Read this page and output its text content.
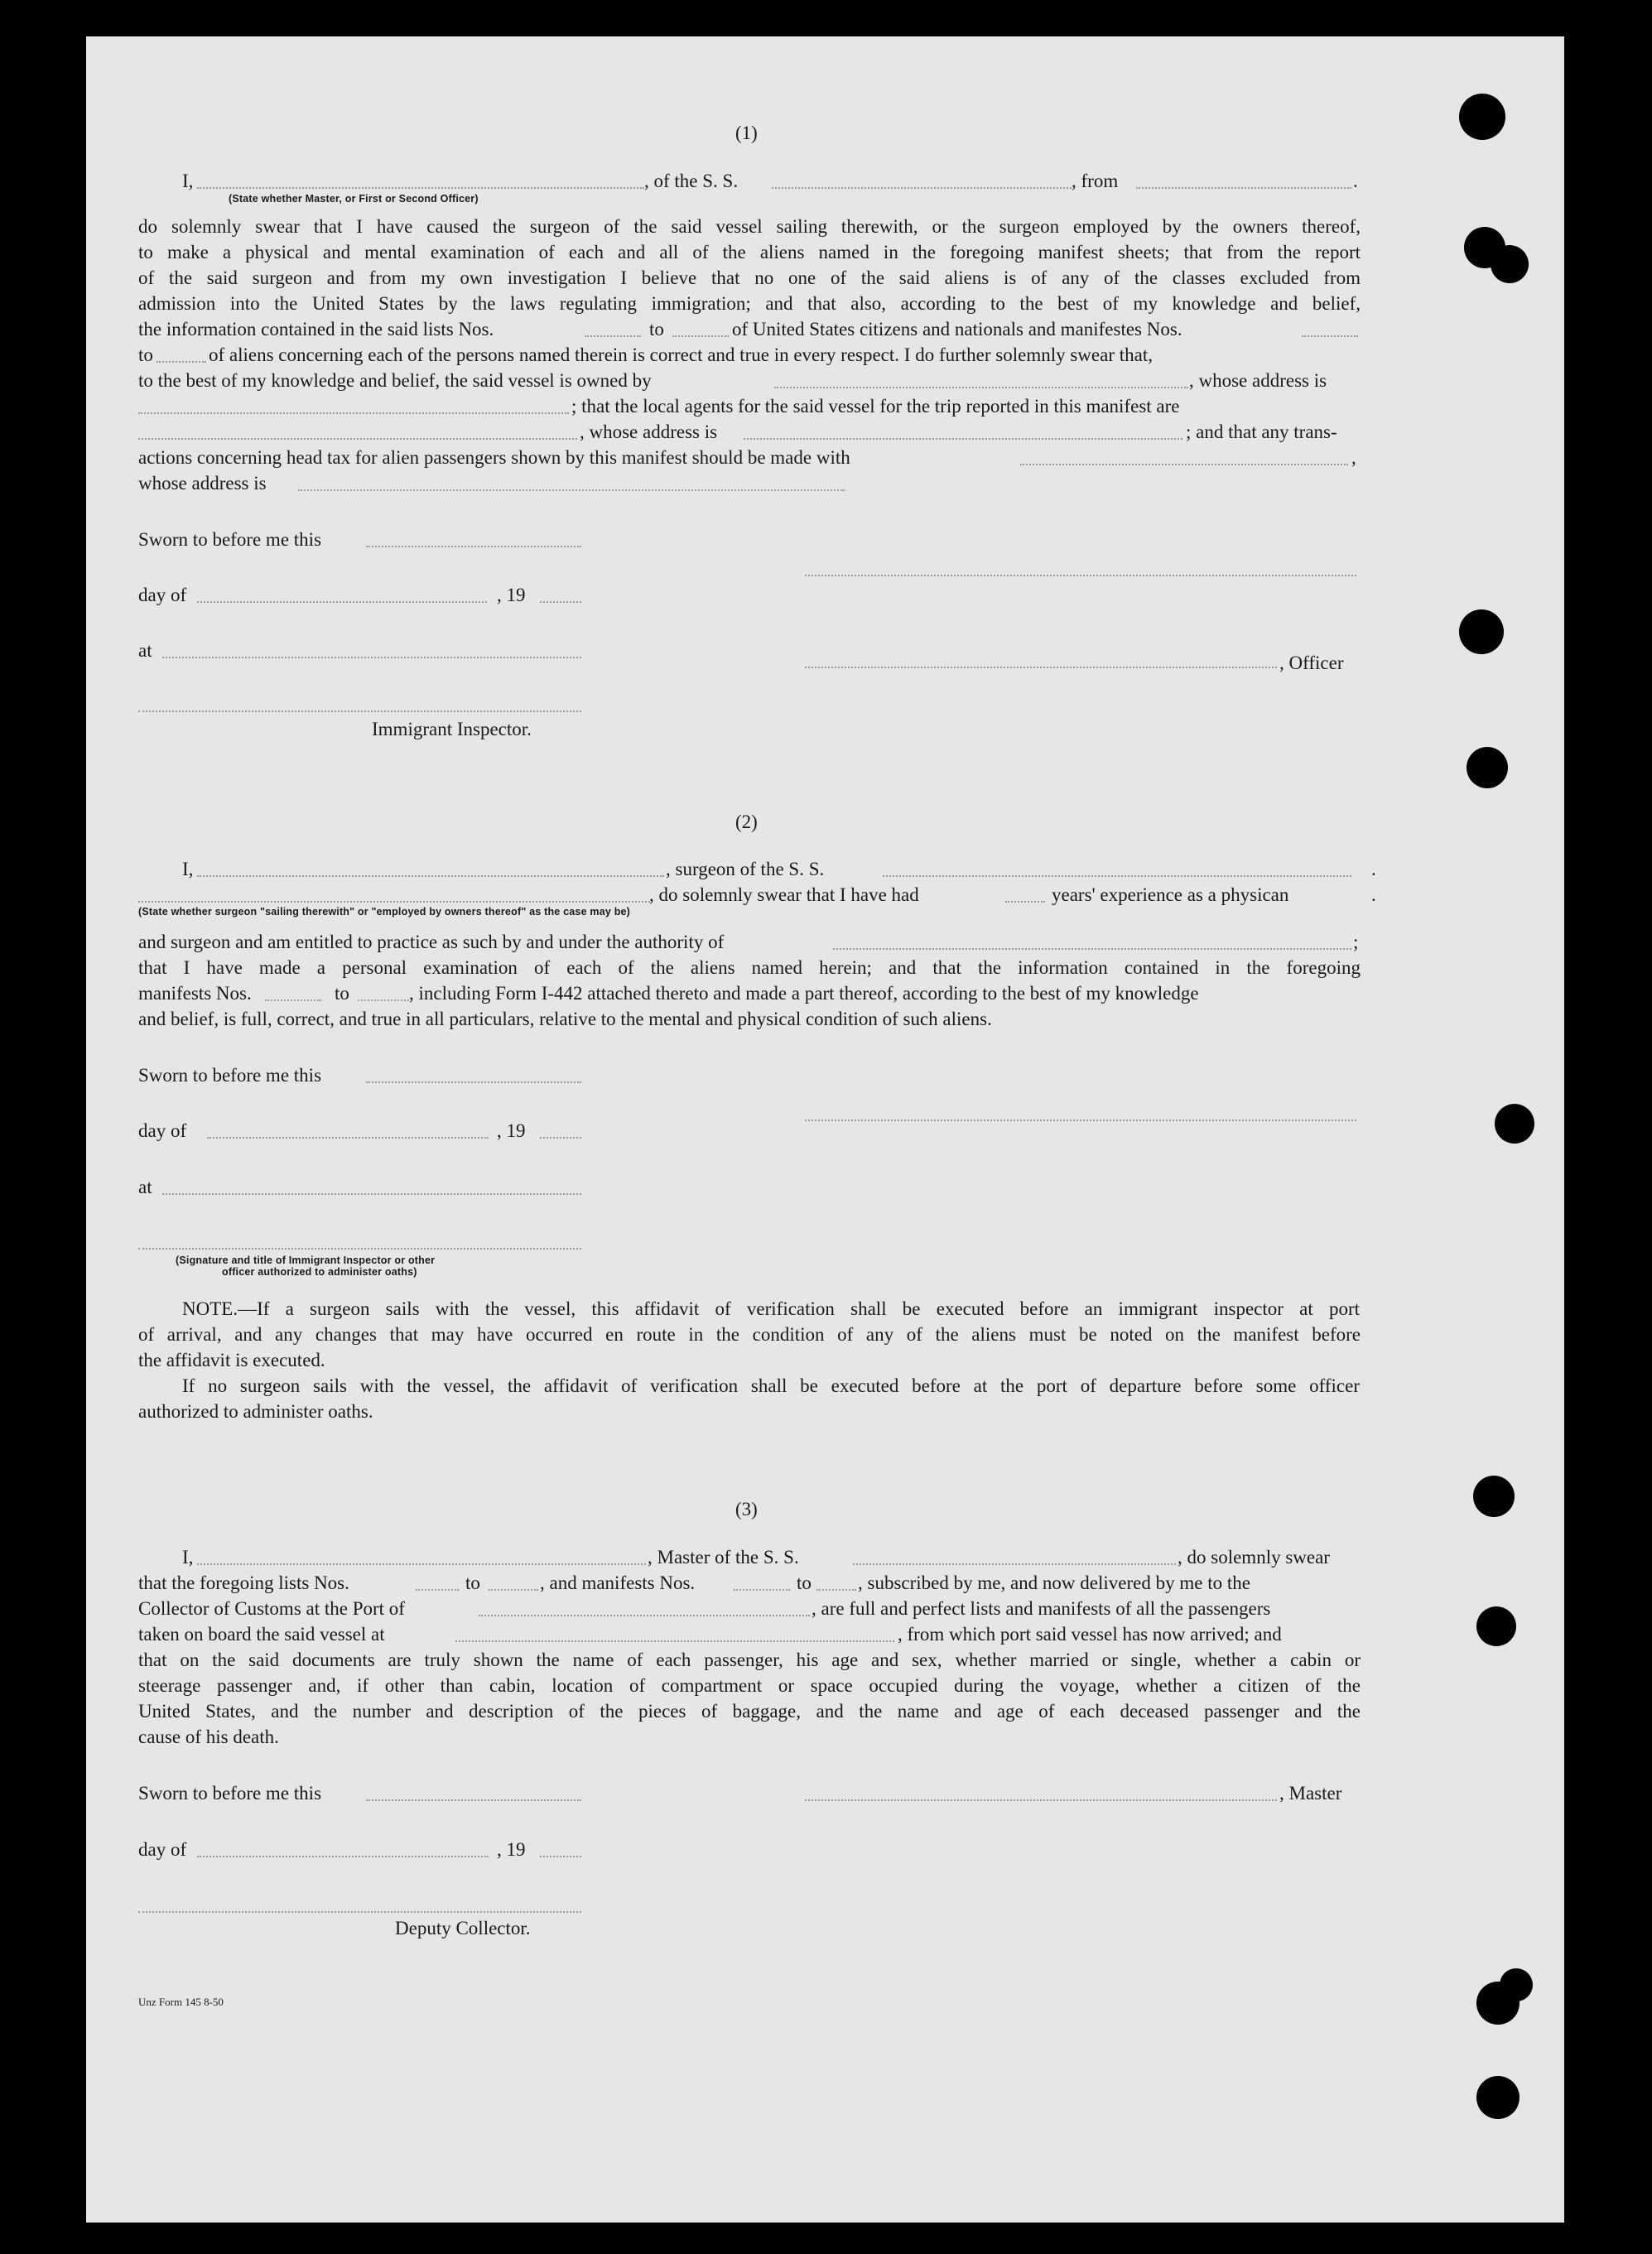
(1)
I,	, of the S. S.	, from	.
(State whether Master, or First or Second Officer)
do solemnly swear that I have caused the surgeon of the said vessel sailing therewith, or the surgeon employed by the owners thereof,
to make a physical and mental examination of each and all of the aliens named in the foregoing manifest sheets; that from the report
of the said surgeon and from my own investigation I believe that no one of the said aliens is of any of the classes excluded from
admission into the United States by the laws regulating immigration; and that also, according to the best of my knowledge and belief,
the information contained in the said lists Nos.	to	of United States citizens and nationals and manifestes Nos.
to	of aliens concerning each of the persons named therein is correct and true in every respect. I do further solemnly swear that,
to the best of my knowledge and belief, the said vessel is owned by	, whose address is
; that the local agents for the said vessel for the trip reported in this manifest are
, whose address is	; and that any trans-
actions concerning head tax for alien passengers shown by this manifest should be made with	,
whose address is
Sworn to before me this
day of	, 19
at
, Officer
Immigrant Inspector.
(2)
I,	, surgeon of the S. S.	.
, do solemnly swear that I have had	years' experience as a physican	.
(State whether surgeon "sailing therewith" or "employed by owners thereof" as the case may be)
and surgeon and am entitled to practice as such by and under the authority of	;
that I have made a personal examination of each of the aliens named herein; and that the information contained in the foregoing
manifests Nos.	to	, including Form I-442 attached thereto and made a part thereof, according to the best of my knowledge
and belief, is full, correct, and true in all particulars, relative to the mental and physical condition of such aliens.
Sworn to before me this
day of	, 19
at
(Signature and title of Immigrant Inspector or other
officer authorized to administer oaths)
NOTE.—If a surgeon sails with the vessel, this affidavit of verification shall be executed before an immigrant inspector at port
of arrival, and any changes that may have occurred en route in the condition of any of the aliens must be noted on the manifest before
the affidavit is executed.
If no surgeon sails with the vessel, the affidavit of verification shall be executed before at the port of departure before some officer
authorized to administer oaths.
(3)
I,	, Master of the S. S.	, do solemnly swear
that the foregoing lists Nos.	to	, and manifests Nos.	to , subscribed by me, and now delivered by me to the
Collector of Customs at the Port of	, are full and perfect lists and manifests of all the passengers
taken on board the said vessel at	, from which port said vessel has now arrived; and
that on the said documents are truly shown the name of each passenger, his age and sex, whether married or single, whether a cabin or
steerage passenger and, if other than cabin, location of compartment or space occupied during the voyage, whether a citizen of the
United States, and the number and description of the pieces of baggage, and the name and age of each deceased passenger and the
cause of his death.
Sworn to before me this	, Master
day of	, 19
Deputy Collector.
Unz Form 145 8-50
